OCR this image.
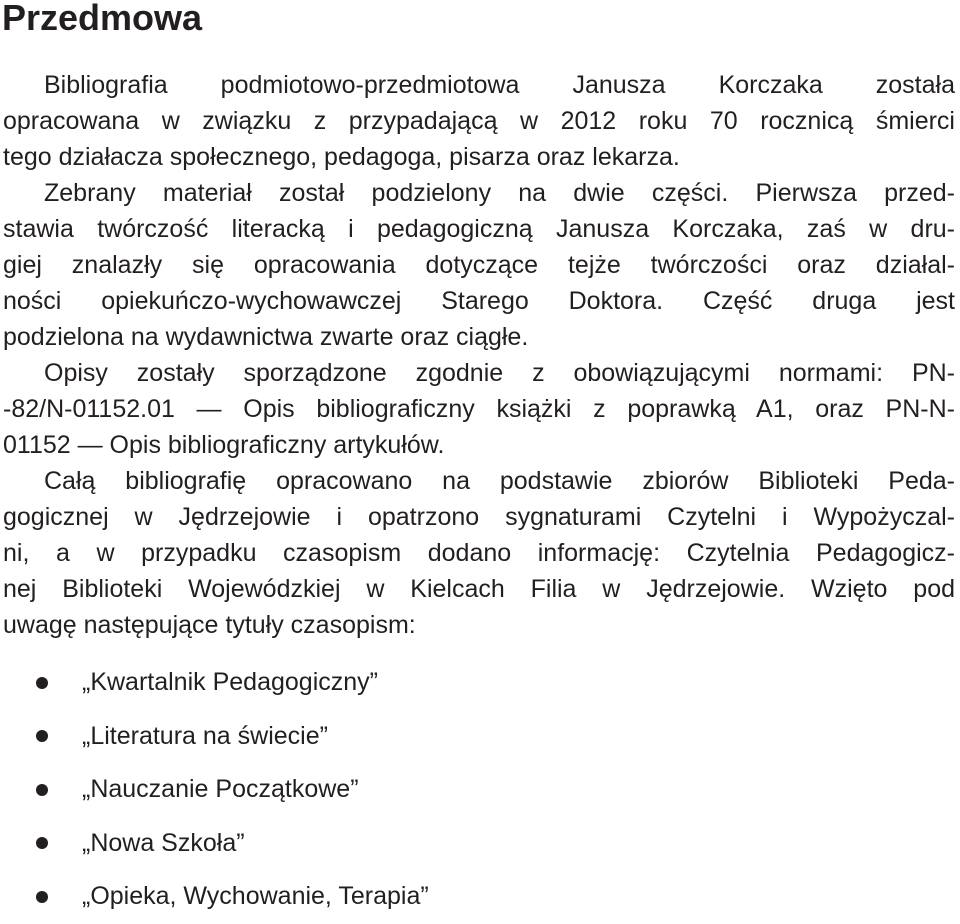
Przedmowa

Bibliografia podmiotowo-przedmiotowa Janusza Korczaka została
opracowana w związku z przypadającą w 2012 roku 70 rocznicą śmierci
tego działacza społecznego, pedagoga, pisarza oraz lekarza.

Zebrany materiał został podzielony na dwie części. Pierwsza przed-
stawia twórczość literacką i pedagogiczną Janusza Korczaka, zaś w dru-
giej znalazły się opracowania dotyczące tejże twórczości oraz działal-
ności opiekuńczo-wychowawczej Starego Doktora. Część druga jest
podzielona na wydawnictwa zwarte oraz ciągłe.

Opisy zostały sporządzone zgodnie z obowiązującymi normami: PN-
-82/N-01152.01 — Opis bibliograficzny książki z poprawką A1, oraz PN-N-
01152 — Opis bibliograficzny artykułów.

Całą bibliografię opracowano na podstawie zbiorów Biblioteki Peda-
gogicznej w Jędrzejowie i opatrzono sygnaturami Czytelni i Wypożyczal-
ni, a w przypadku czasopism dodano informację: Czytelnia Pedagogicz-
nej Biblioteki Wojewódzkiej w Kielcach Filia w Jędrzejowie. Wzięto pod
uwagę następujące tytuły czasopism:

„Kwartalnik Pedagogiczny”
„Literatura na świecie”
„Nauczanie Początkowe”
„Nowa Szkoła”
„Opieka, Wychowanie, Terapia”
